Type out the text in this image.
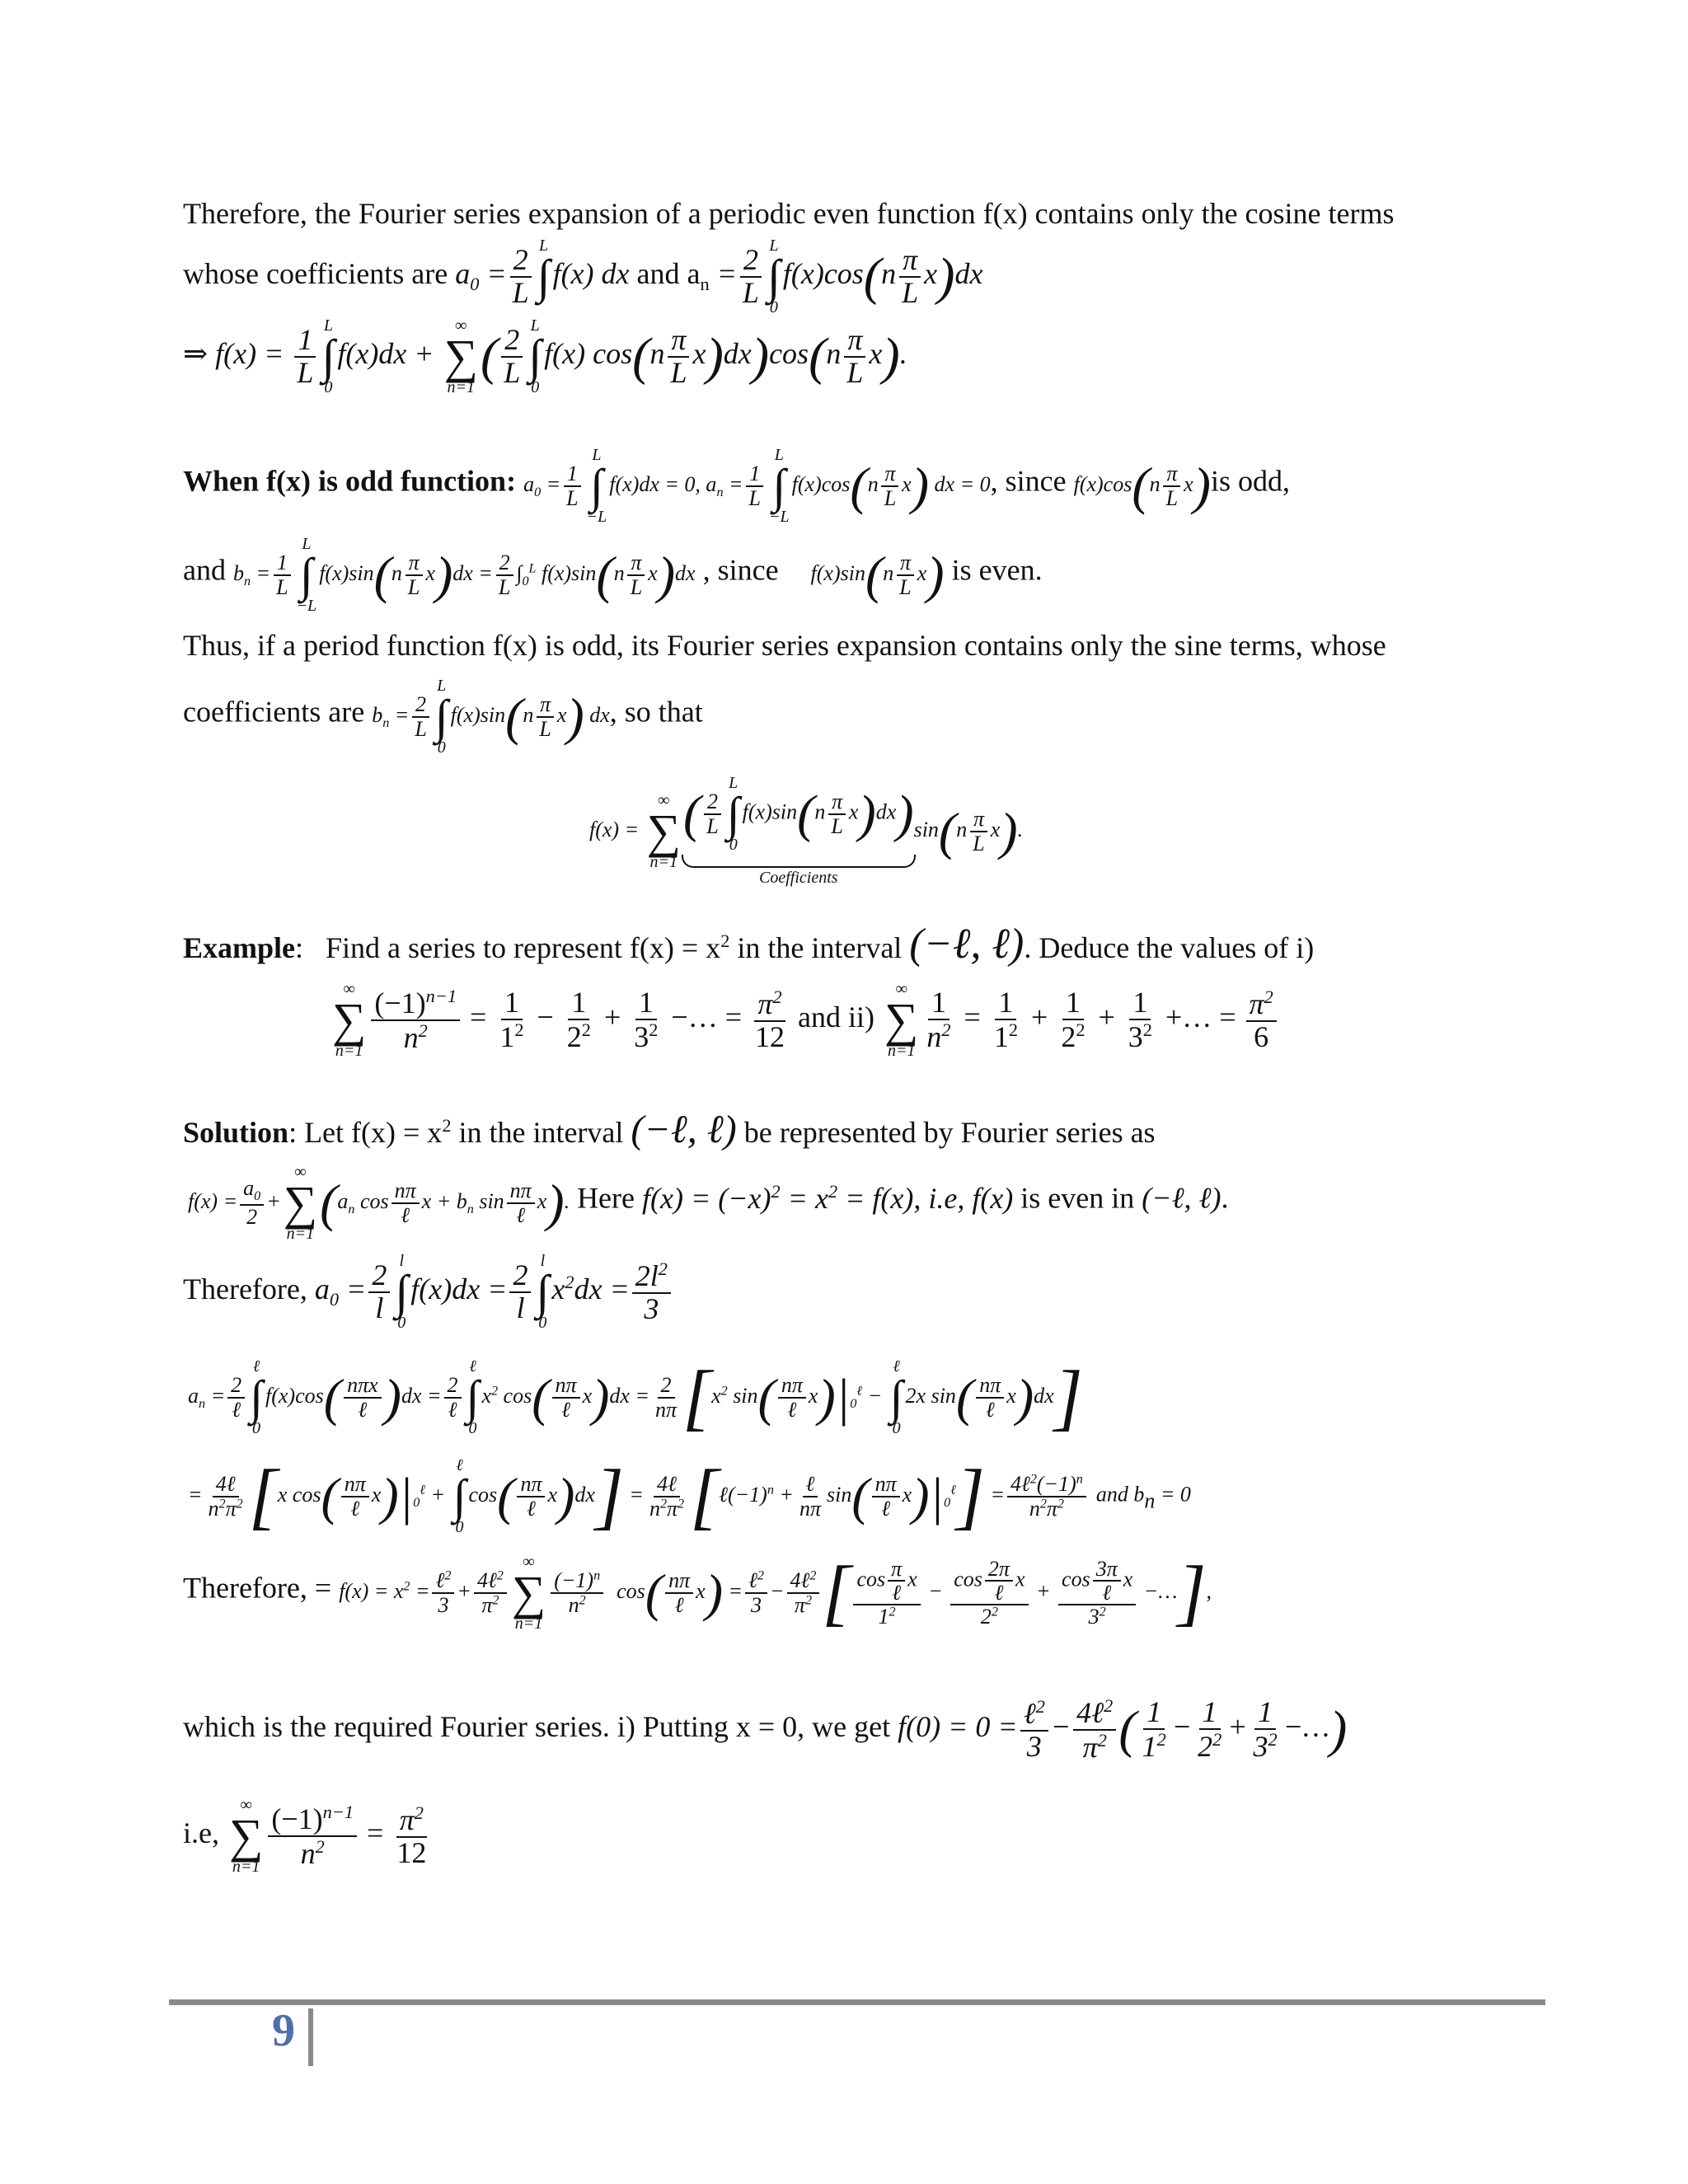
Therefore, the Fourier series expansion of a periodic even function f(x) contains only the cosine terms
whose coefficients are $a_0 = \frac{2}{L}$ L
∫
f(x) dx and $a_n = \frac{2}{L}$ L
∫
0
$f(x)\cos(n \frac{\pi}{L} x)dx$
⇒ $f(x) = \frac{1}{L}$ L
∫
0
f(x)dx +
∞
∑
n=1
( $\frac{2}{L}$ L
∫
0
f(x) $\cos(n \frac{\pi}{L} x)dx)\cos(n \frac{\pi}{L} x)$.
When f(x) is odd function: $a_0 = \frac{1}{L}$
L
∫
−L
f(x)dx = 0, $a_n = \frac{1}{L}$
L
∫
−L
$f(x)\cos(n \frac{\pi}{L} x)$ dx = 0, since $f(x)\cos(n \frac{\pi}{L} x)is$ odd,
and $b_n = \frac{1}{L}$
L
∫
−L
$f(x)\sin(n \frac{\pi}{L} x)dx = \frac{2}{L} \int_0^L$ $f(x)\sin(n \frac{\pi}{L} x)dx$ , since $f(x)\sin(n \frac{\pi}{L} x)$ is even.
Thus, if a period function f(x) is odd, its Fourier series expansion contains only the sine terms, whose
coefficients are $b_n = \frac{2}{L}$
L
∫
0
$f(x)\sin(n \frac{\pi}{L} x)$ dx, so that
f(x) =
∞
∑
n=1
( $\frac{2}{L}$
L
∫
0
$f(x)\sin(n \frac{\pi}{L} x)dx$)
Coefficients
$\sin(n \frac{\pi}{L} x)$.
Example:   Find a series to represent $f(x) = x^2$ in the interval (−ℓ, ℓ). Deduce the values of i)
∞
∑
$n=1 \frac{(-1)^{n-1}}{n^2} = \frac{1}{1^2} - \frac{1}{2^2} + \frac{1}{3^2}$ −… = $\frac{\pi^2}{12}$ and ii)
∞
∑
$n=1 \frac{1}{n^2} = \frac{1}{1^2} + \frac{1}{2^2} + \frac{1}{3^2}$ +… = $\frac{\pi^2}{6}$
Solution: Let $f(x) = x^2$ in the interval (−ℓ, ℓ) be represented by Fourier series as
$f(x) = \frac{a_0}{2}$ +
∞
∑
n=1
($a_n$ $\cos \frac{n\pi}{\text{ℓ}}$ $x + b_n$ $\sin \frac{n\pi}{\text{ℓ}} x$). Here $f(x) = (-x)^2 = x^2 = f(x)$, i.e, f(x) is even in (−ℓ, ℓ).
Therefore, $a_0 = \frac{2}{l}$ l
∫
0
$f(x)dx = \frac{2}{l}$ l
∫
0
$x^2dx = \frac{2l^2}{3}$
$a_n = \frac{2}{\text{ℓ}}$
ℓ
∫
0
$f(x)\cos( \frac{\text{nπx}}{\text{ℓ}} )dx = \frac{2}{\text{ℓ}}$
ℓ
∫
0
$x^2$ $\cos( \frac{n\pi}{\text{ℓ}} x)dx = \frac{2}{n\pi} [x^2$ $\sin( \frac{n\pi}{\text{ℓ}} x)|_0^\ell$ −
ℓ
∫
0
2x $\sin( \frac{n\pi}{\text{ℓ}} x)dx$]
= $\frac{\text{4ℓ}}{n^2\pi^2} [x$ $\cos( \frac{n\pi}{\text{ℓ}} x)|_0^\ell$ +
ℓ
∫
0
$\cos( \frac{n\pi}{\text{ℓ}} x)dx] = \frac{\text{4ℓ}}{n^2\pi^2}$ $[\ell(-1)^n + \frac{\text{ℓ}}{n\pi} \sin( \frac{n\pi}{\text{ℓ}} x)|_0^\ell] = \frac{4\ell^2(-1)^n}{n^2\pi^2}$ and $b_n = 0$
Therefore, = $f(x) = x^2 = \frac{\ell^2}{3} + \frac{4\ell^2}{\pi^2}$
∞
∑
n=1
$\frac{(-1)^n}{n^2} \cos( \frac{n\pi}{\text{ℓ}} x) = \frac{\ell^2}{3} - \frac{4\ell^2}{\pi^2}$ [ $\frac{\cos \frac{\pi}{\text{ℓ}} x}{1^2} - \frac{\cos \frac{2\pi}{\text{ℓ}} x}{2^2} + \frac{\cos \frac{3\pi}{\text{ℓ}} x}{3^2}$ −…],
which is the required Fourier series. i) Putting x = 0, we get $f(0) = 0 = \frac{\ell^2}{3} - \frac{4\ell^2}{\pi^2}$ ( $\frac{1}{1^2} - \frac{1}{2^2} + \frac{1}{3^2}$ −…)
i.e,
∞
∑
$n=1 \frac{(-1)^{n-1}}{n^2} = \frac{\pi^2}{12}$
9
